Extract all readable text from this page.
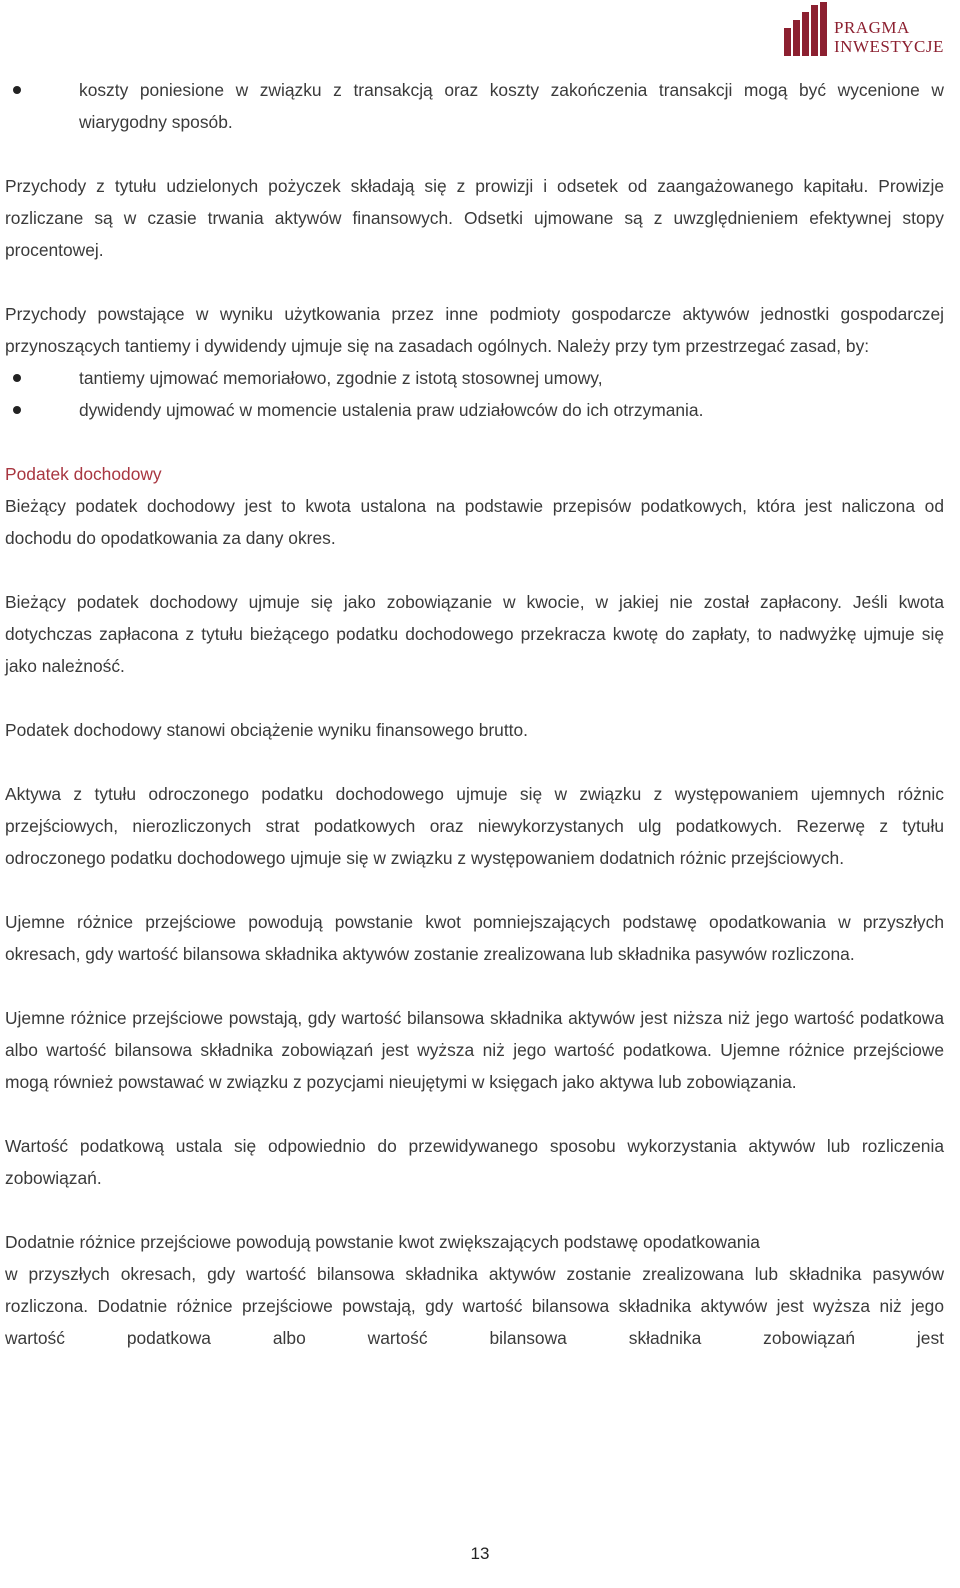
PRAGMA
INWESTYCJE
koszty poniesione w związku z transakcją oraz koszty zakończenia transakcji mogą być wycenione w wiarygodny sposób.

Przychody z tytułu udzielonych pożyczek składają się z prowizji i odsetek od zaangażowanego kapitału. Prowizje rozliczane są w czasie trwania aktywów finansowych. Odsetki ujmowane są z uwzględnieniem efektywnej stopy procentowej.

Przychody powstające w wyniku użytkowania przez inne podmioty gospodarcze aktywów jednostki gospodarczej przynoszących tantiemy i dywidendy ujmuje się na zasadach ogólnych. Należy przy tym przestrzegać zasad, by:

tantiemy ujmować memoriałowo, zgodnie z istotą stosownej umowy,
dywidendy ujmować w momencie ustalenia praw udziałowców do ich otrzymania.

Podatek dochodowy

Bieżący podatek dochodowy jest to kwota ustalona na podstawie przepisów podatkowych, która jest naliczona od dochodu do opodatkowania za dany okres.

Bieżący podatek dochodowy ujmuje się jako zobowiązanie w kwocie, w jakiej nie został zapłacony. Jeśli kwota dotychczas zapłacona z tytułu bieżącego podatku dochodowego przekracza kwotę do zapłaty, to nadwyżkę ujmuje się jako należność.

Podatek dochodowy stanowi obciążenie wyniku finansowego brutto.

Aktywa z tytułu odroczonego podatku dochodowego ujmuje się w związku z występowaniem ujemnych różnic przejściowych, nierozliczonych strat podatkowych oraz niewykorzystanych ulg podatkowych. Rezerwę z tytułu odroczonego podatku dochodowego ujmuje się w związku z występowaniem dodatnich różnic przejściowych.

Ujemne różnice przejściowe powodują powstanie kwot pomniejszających podstawę opodatkowania w przyszłych okresach, gdy wartość bilansowa składnika aktywów zostanie zrealizowana lub składnika pasywów rozliczona.

Ujemne różnice przejściowe powstają, gdy wartość bilansowa składnika aktywów jest niższa niż jego wartość podatkowa albo wartość bilansowa składnika zobowiązań jest wyższa niż jego wartość podatkowa. Ujemne różnice przejściowe mogą również powstawać w związku z pozycjami nieujętymi w księgach jako aktywa lub zobowiązania.

Wartość podatkową ustala się odpowiednio do przewidywanego sposobu wykorzystania aktywów lub rozliczenia zobowiązań.

Dodatnie różnice przejściowe powodują powstanie kwot zwiększających podstawę opodatkowania

w przyszłych okresach, gdy wartość bilansowa składnika aktywów zostanie zrealizowana lub składnika pasywów rozliczona. Dodatnie różnice przejściowe powstają, gdy wartość bilansowa składnika aktywów jest wyższa niż jego wartość podatkowa albo wartość bilansowa składnika zobowiązań jest

13
